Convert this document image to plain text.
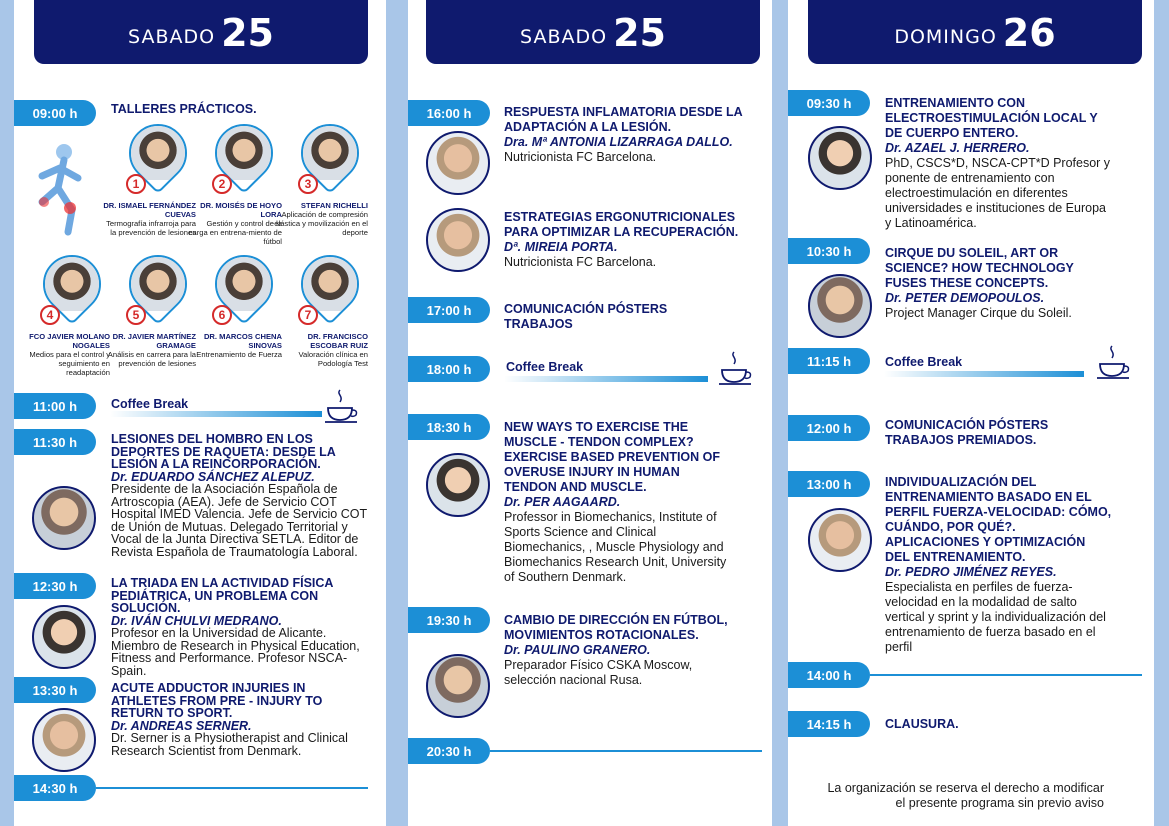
SABADO 25
09:00 h	TALLERES PRÁCTICOS.
1
DR. ISMAEL FERNÁNDEZ CUEVAS
Termografía infrarroja para la prevención de lesiones
2
DR. MOISÉS DE HOYO LORA
Gestión y control de la carga en entrena-miento de fútbol
3
STEFAN RICHELLI
Aplicación de compresión elástica y movilización en el deporte
4
FCO JAVIER MOLANO NOGALES
Medios para el control y seguimiento en readaptación
5
DR. JAVIER MARTÍNEZ GRAMAGE
Análisis en carrera para la prevención de lesiones
6
DR. MARCOS CHENA SINOVAS
Entrenamiento de Fuerza
7
DR. FRANCISCO ESCOBAR RUIZ
Valoración clínica en Podología Test
11:00 h	Coffee Break
11:30 h	LESIONES DEL HOMBRO EN LOS DEPORTES DE RAQUETA: DESDE LA LESIÓN A LA REINCORPORACIÓN.
Dr. EDUARDO SÁNCHEZ ALEPUZ.
Presidente de la Asociación Española de Artroscopia (AEA). Jefe de Servicio COT Hospital IMED Valencia. Jefe de Servicio COT de Unión de Mutuas. Delegado Territorial y Vocal de la Junta Directiva SETLA. Editor de Revista Española de Traumatología Laboral.
12:30 h	LA TRIADA EN LA ACTIVIDAD FÍSICA PEDIÁTRICA, UN PROBLEMA CON SOLUCIÓN.
Dr. IVÁN CHULVI MEDRANO.
Profesor en la Universidad de Alicante. Miembro de Research in Physical Education, Fitness and Performance. Profesor NSCA-Spain.
13:30 h	ACUTE ADDUCTOR INJURIES IN ATHLETES FROM PRE - INJURY TO RETURN TO SPORT.
Dr. ANDREAS SERNER.
Dr. Serner is a Physiotherapist and Clinical Research Scientist from Denmark.
14:30 h
SABADO 25
16:00 h	RESPUESTA INFLAMATORIA DESDE LA ADAPTACIÓN A LA LESIÓN.
Dra. Mª ANTONIA LIZARRAGA DALLO.
Nutricionista FC Barcelona.
ESTRATEGIAS ERGONUTRICIONALES PARA OPTIMIZAR LA RECUPERACIÓN.
Dª. MIREIA PORTA.
Nutricionista FC Barcelona.
17:00 h	COMUNICACIÓN PÓSTERS TRABAJOS
18:00 h	Coffee Break
18:30 h	NEW WAYS TO EXERCISE THE MUSCLE - TENDON COMPLEX? EXERCISE BASED PREVENTION OF OVERUSE INJURY IN HUMAN TENDON AND MUSCLE.
Dr. PER AAGAARD.
Professor in Biomechanics, Institute of Sports Science and Clinical Biomechanics, , Muscle Physiology and Biomechanics Research Unit, University of Southern Denmark.
19:30 h	CAMBIO DE DIRECCIÓN EN FÚTBOL, MOVIMIENTOS ROTACIONALES.
Dr. PAULINO GRANERO.
Preparador Físico CSKA Moscow, selección nacional Rusa.
20:30 h
DOMINGO 26
09:30 h	ENTRENAMIENTO CON ELECTROESTIMULACIÓN LOCAL Y DE CUERPO ENTERO.
Dr. AZAEL J. HERRERO.
PhD, CSCS*D, NSCA-CPT*D Profesor y ponente de entrenamiento con electroestimulación en diferentes universidades e instituciones de Europa y Latinoamérica.
10:30 h	CIRQUE DU SOLEIL, ART OR SCIENCE? HOW TECHNOLOGY FUSES THESE CONCEPTS.
Dr. PETER DEMOPOULOS.
Project Manager Cirque du Soleil.
11:15 h	Coffee Break
12:00 h	COMUNICACIÓN PÓSTERS TRABAJOS PREMIADOS.
13:00 h	INDIVIDUALIZACIÓN DEL ENTRENAMIENTO BASADO EN EL PERFIL FUERZA-VELOCIDAD: CÓMO, CUÁNDO, POR QUÉ?. APLICACIONES Y OPTIMIZACIÓN DEL ENTRENAMIENTO.
Dr. PEDRO JIMÉNEZ REYES.
Especialista en perfiles de fuerza-velocidad en la modalidad de salto vertical y sprint y la individualización del entrenamiento de fuerza basado en el perfil
14:00 h
14:15 h	CLAUSURA.
La organización se reserva el derecho a modificar el presente programa sin previo aviso
